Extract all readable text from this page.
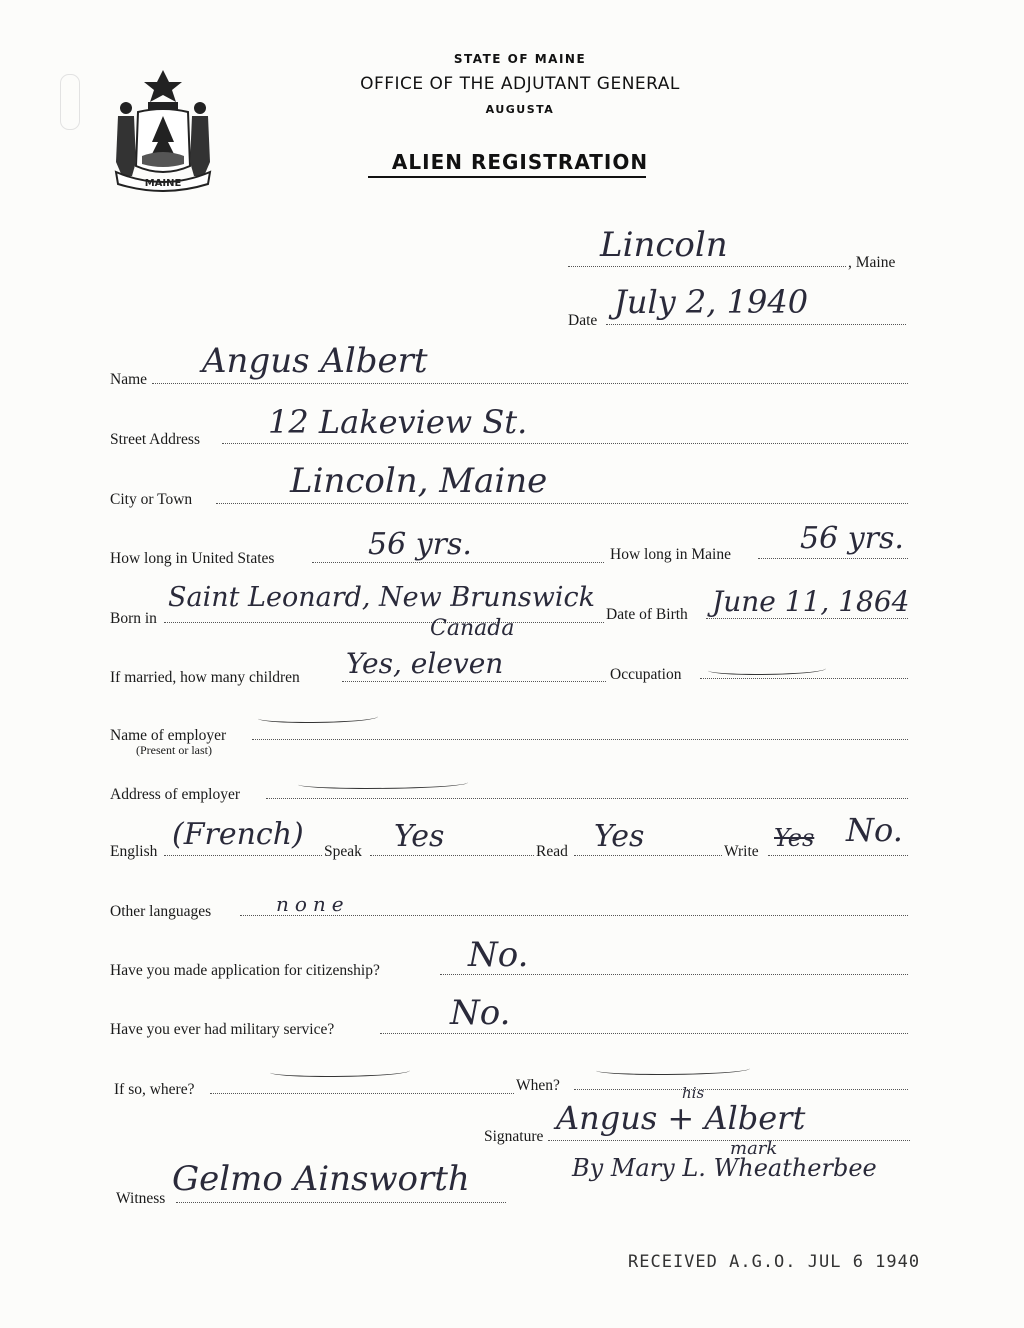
MAINE
STATE OF MAINE
OFFICE OF THE ADJUTANT GENERAL
AUGUSTA
ALIEN REGISTRATION
Lincoln	, Maine
Date July 2, 1940
Name Angus Albert
Street Address 12 Lakeview St.
City or Town	Lincoln, Maine
How long in United States	56 yrs.	How long in Maine 56 yrs.
Born in
Saint Leonard, New Brunswick
Canada
Date of Birth June 11, 1864
If married, how many children Yes, eleven	Occupation
Name of employer
(Present or last)
Address of employer
English (French) Speak Yes	Read Yes	Write Yes No.
Other languages	none
Have you made application for citizenship?	No.
Have you ever had military service?	No.
If so, where?	When?
Signature
his
Angus + Albert
mark
By Mary L. Wheatherbee
Witness Gelmo Ainsworth
RECEIVED A.G.O. JUL 6 1940
